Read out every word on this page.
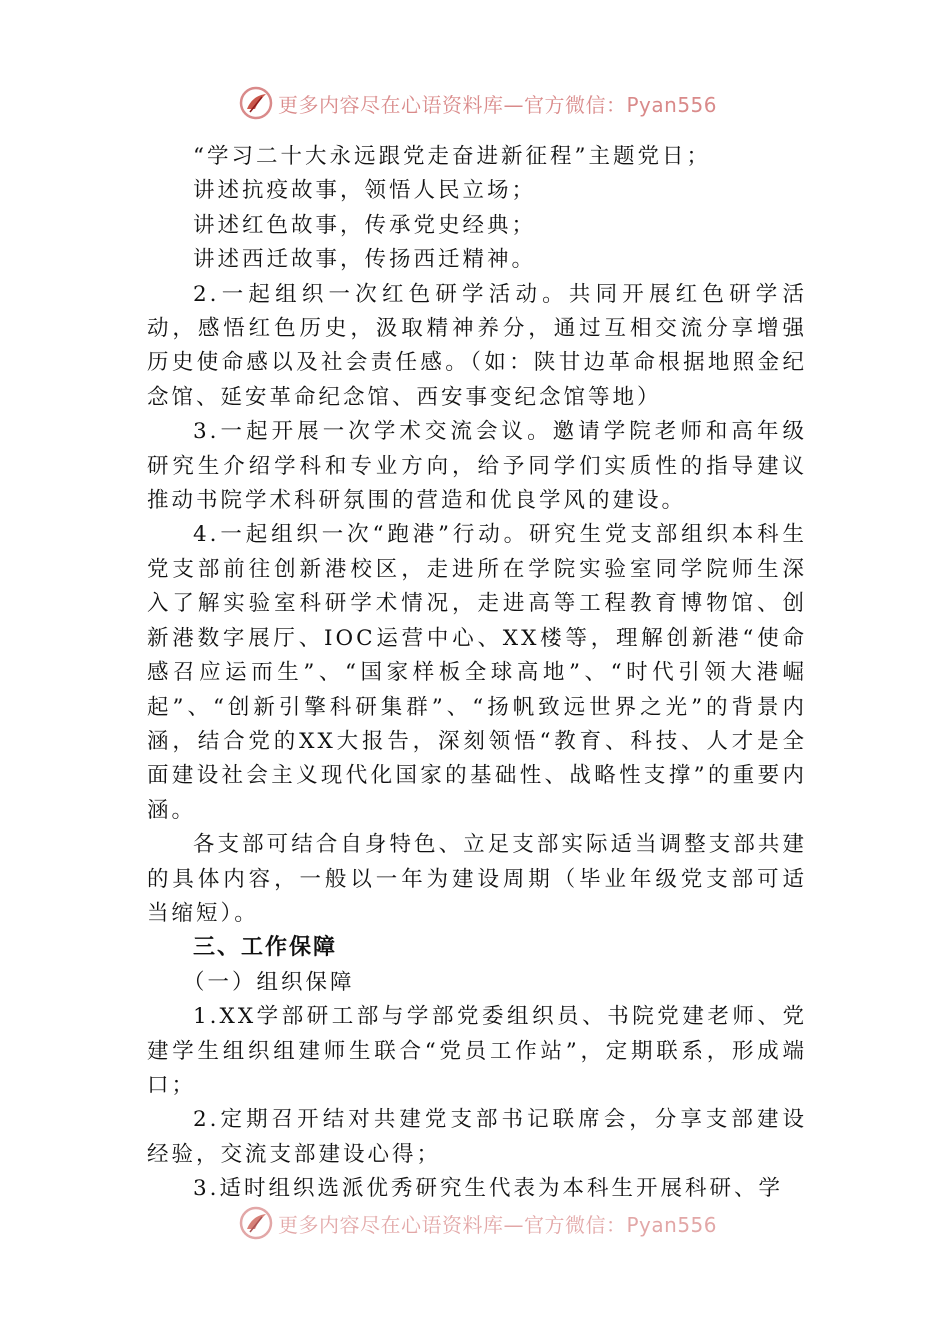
更多内容尽在心语资料库—官方微信：Pyan556

“学习二十大永远跟党走奋进新征程”主题党日；

讲述抗疫故事，领悟人民立场；

讲述红色故事，传承党史经典；

讲述西迁故事，传扬西迁精神。

2.一起组织一次红色研学活动。共同开展红色研学活动，感悟红色历史，汲取精神养分，通过互相交流分享增强历史使命感以及社会责任感。（如：陕甘边革命根据地照金纪念馆、延安革命纪念馆、西安事变纪念馆等地）

3.一起开展一次学术交流会议。邀请学院老师和高年级研究生介绍学科和专业方向，给予同学们实质性的指导建议推动书院学术科研氛围的营造和优良学风的建设。

4.一起组织一次“跑港”行动。研究生党支部组织本科生党支部前往创新港校区，走进所在学院实验室同学院师生深入了解实验室科研学术情况，走进高等工程教育博物馆、创新港数字展厅、IOC运营中心、XX楼等，理解创新港“使命感召应运而生”、“国家样板全球高地”、“时代引领大港崛起”、“创新引擎科研集群”、“扬帆致远世界之光”的背景内涵，结合党的XX大报告，深刻领悟“教育、科技、人才是全面建设社会主义现代化国家的基础性、战略性支撑”的重要内涵。

各支部可结合自身特色、立足支部实际适当调整支部共建的具体内容，一般以一年为建设周期（毕业年级党支部可适当缩短）。

三、工作保障

（一）组织保障

1.XX学部研工部与学部党委组织员、书院党建老师、党建学生组织组建师生联合“党员工作站”，定期联系，形成端口；

2.定期召开结对共建党支部书记联席会，分享支部建设经验，交流支部建设心得；

3.适时组织选派优秀研究生代表为本科生开展科研、学

更多内容尽在心语资料库—官方微信：Pyan556
